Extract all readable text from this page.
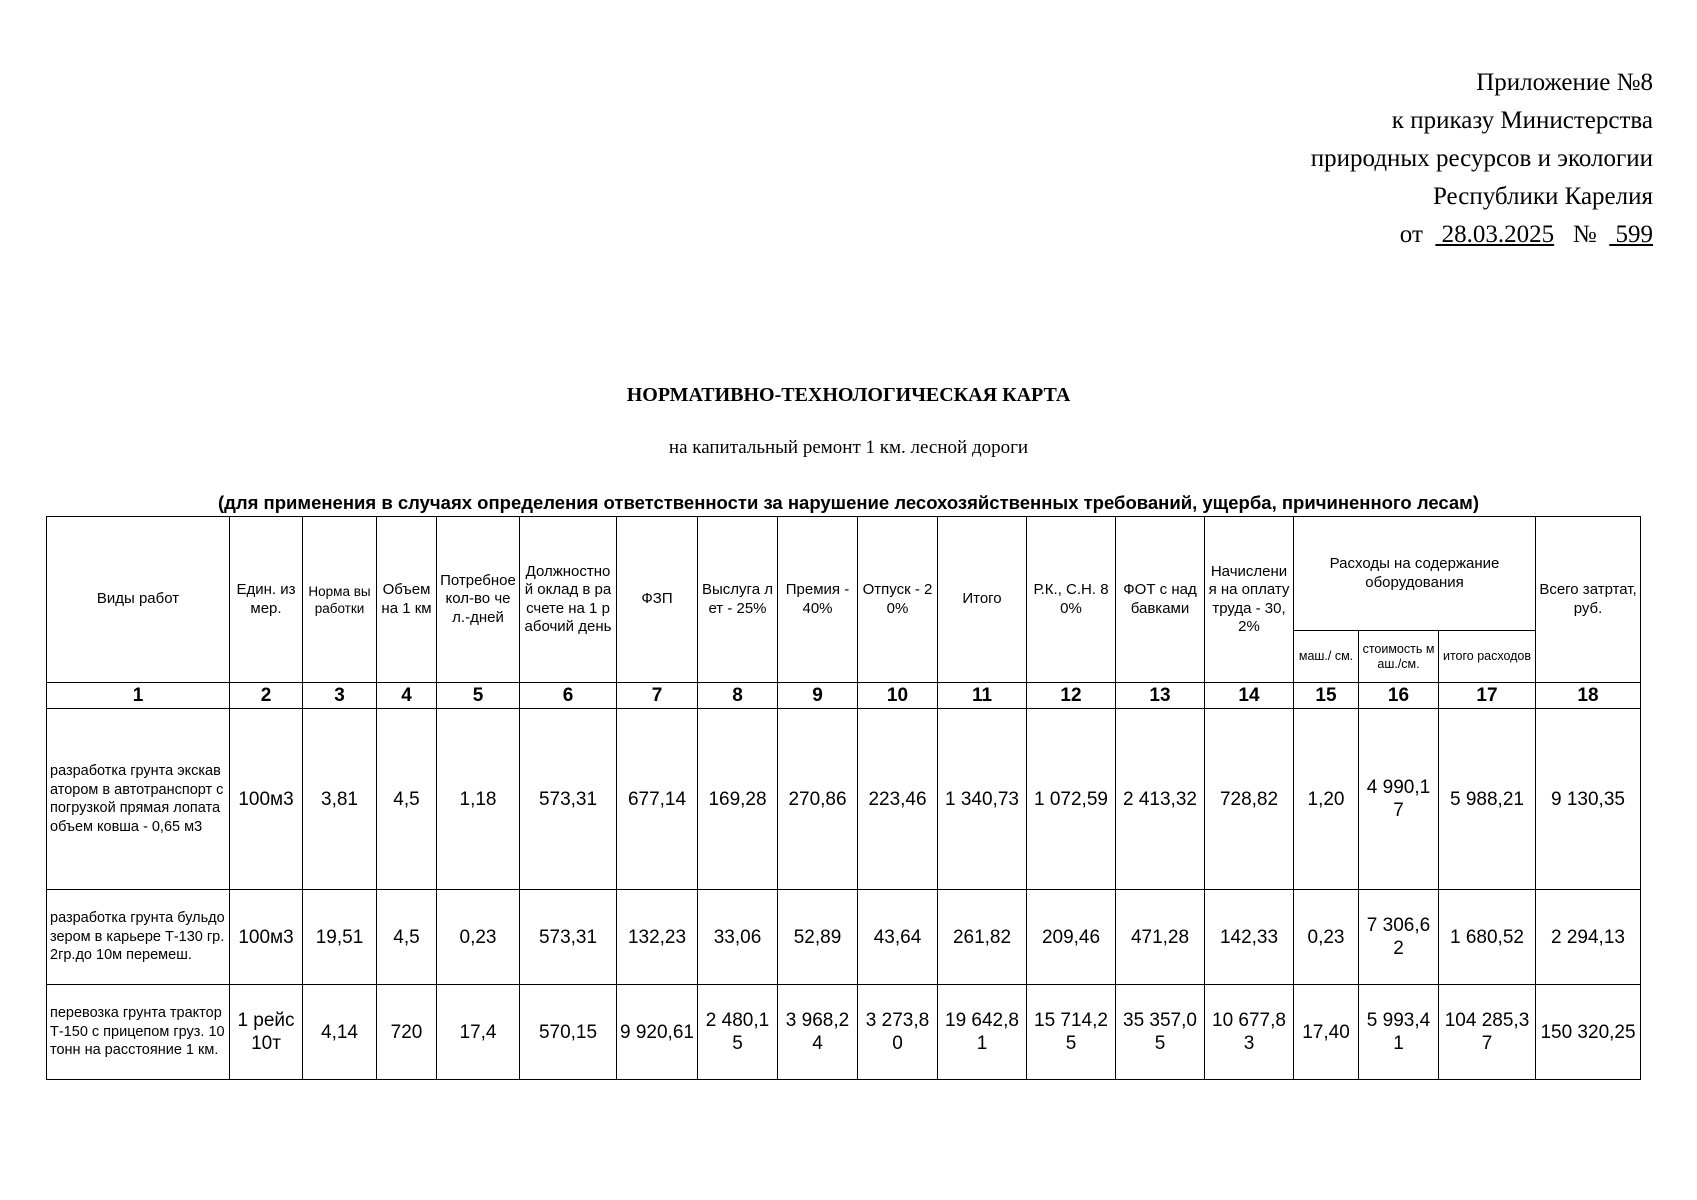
Приложение №8
к приказу Министерства
природных ресурсов и экологии
Республики Карелия
от 28.03.2025 № 599
НОРМАТИВНО-ТЕХНОЛОГИЧЕСКАЯ КАРТА
на капитальный ремонт 1 км. лесной дороги
(для применения в случаях определения ответственности за нарушение лесохозяйственных требований, ущерба, причиненного лесам)
Виды работ	Един. измер.	Норма выработки	Объем на 1 км	Потребное кол-во чел.-дней	Должностной оклад в расчете на 1 рабочий день	ФЗП	Выслуга лет - 25%	Премия - 40%	Отпуск - 20%	Итого	Р.К., С.Н. 80%	ФОТ с надбавками	Начисления на оплату труда - 30,2%	Расходы на содержание оборудования			Всего затртат, руб.
														маш./ см.	стоимость маш./см.	итого расходов	
1	2	3	4	5	6	7	8	9	10	11	12	13	14	15	16	17	18
разработка грунта экскаватором в автотранспорт с погрузкой прямая лопата объем ковша - 0,65 м3	100м3	3,81	4,5	1,18	573,31	677,14	169,28	270,86	223,46	1 340,73	1 072,59	2 413,32	728,82	1,20	4 990,17	5 988,21	9 130,35
разработка грунта бульдозером в карьере Т-130 гр.2гр.до 10м перемеш.	100м3	19,51	4,5	0,23	573,31	132,23	33,06	52,89	43,64	261,82	209,46	471,28	142,33	0,23	7 306,62	1 680,52	2 294,13
перевозка грунта трактор Т-150 с прицепом груз. 10тонн на расстояние 1 км.	1 рейс 10т	4,14	720	17,4	570,15	9 920,61	2 480,15	3 968,24	3 273,80	19 642,81	15 714,25	35 357,05	10 677,83	17,40	5 993,41	104 285,37	150 320,25
